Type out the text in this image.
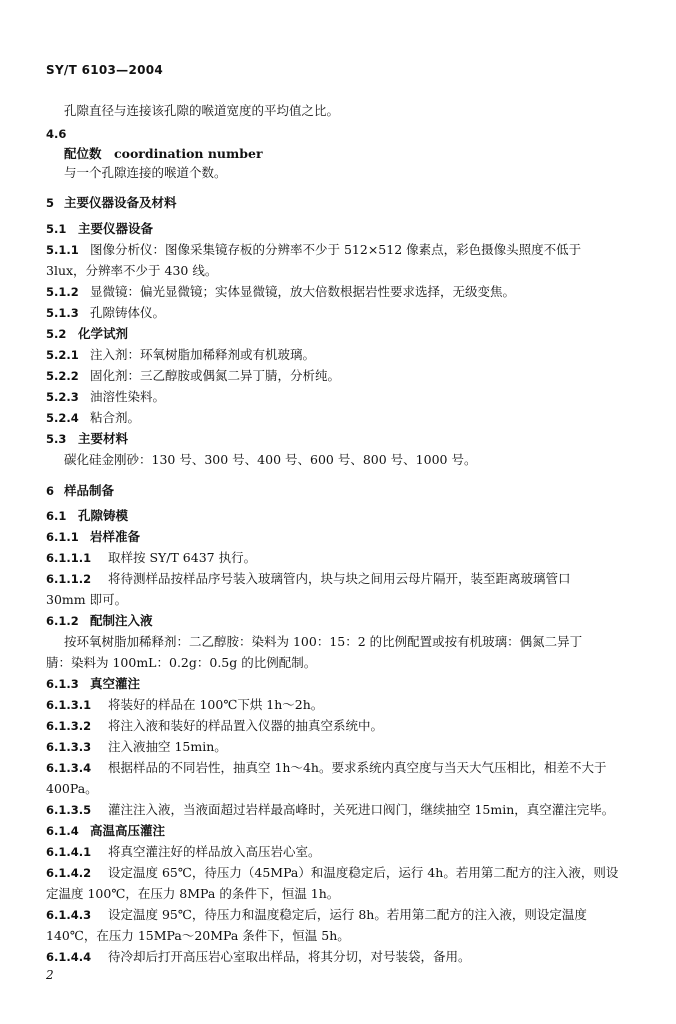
SY/T 6103—2004
孔隙直径与连接该孔隙的喉道宽度的平均值之比。
4.6
配位数　coordination number
与一个孔隙连接的喉道个数。
5 主要仪器设备及材料
5.1 主要仪器设备
5.1.1 图像分析仪：图像采集镜存板的分辨率不少于 512×512 像素点，彩色摄像头照度不低于
3lux，分辨率不少于 430 线。
5.1.2 显微镜：偏光显微镜；实体显微镜，放大倍数根据岩性要求选择，无级变焦。
5.1.3 孔隙铸体仪。
5.2 化学试剂
5.2.1 注入剂：环氧树脂加稀释剂或有机玻璃。
5.2.2 固化剂：三乙醇胺或偶氮二异丁腈，分析纯。
5.2.3 油溶性染料。
5.2.4 粘合剂。
5.3 主要材料
碳化硅金刚砂：130 号、300 号、400 号、600 号、800 号、1000 号。
6 样品制备
6.1 孔隙铸模
6.1.1 岩样准备
6.1.1.1 取样按 SY/T 6437 执行。
6.1.1.2 将待测样品按样品序号装入玻璃管内，块与块之间用云母片隔开，装至距离玻璃管口
30mm 即可。
6.1.2 配制注入液
按环氧树脂加稀释剂：二乙醇胺：染料为 100：15：2 的比例配置或按有机玻璃：偶氮二异丁
腈：染料为 100mL：0.2g：0.5g 的比例配制。
6.1.3 真空灌注
6.1.3.1 将装好的样品在 100℃下烘 1h～2h。
6.1.3.2 将注入液和装好的样品置入仪器的抽真空系统中。
6.1.3.3 注入液抽空 15min。
6.1.3.4 根据样品的不同岩性，抽真空 1h～4h。要求系统内真空度与当天大气压相比，相差不大于
400Pa。
6.1.3.5 灌注注入液，当液面超过岩样最高峰时，关死进口阀门，继续抽空 15min，真空灌注完毕。
6.1.4 高温高压灌注
6.1.4.1 将真空灌注好的样品放入高压岩心室。
6.1.4.2 设定温度 65℃，待压力（45MPa）和温度稳定后，运行 4h。若用第二配方的注入液，则设
定温度 100℃，在压力 8MPa 的条件下，恒温 1h。
6.1.4.3 设定温度 95℃，待压力和温度稳定后，运行 8h。若用第二配方的注入液，则设定温度
140℃，在压力 15MPa～20MPa 条件下，恒温 5h。
6.1.4.4 待冷却后打开高压岩心室取出样品，将其分切，对号装袋，备用。
2
